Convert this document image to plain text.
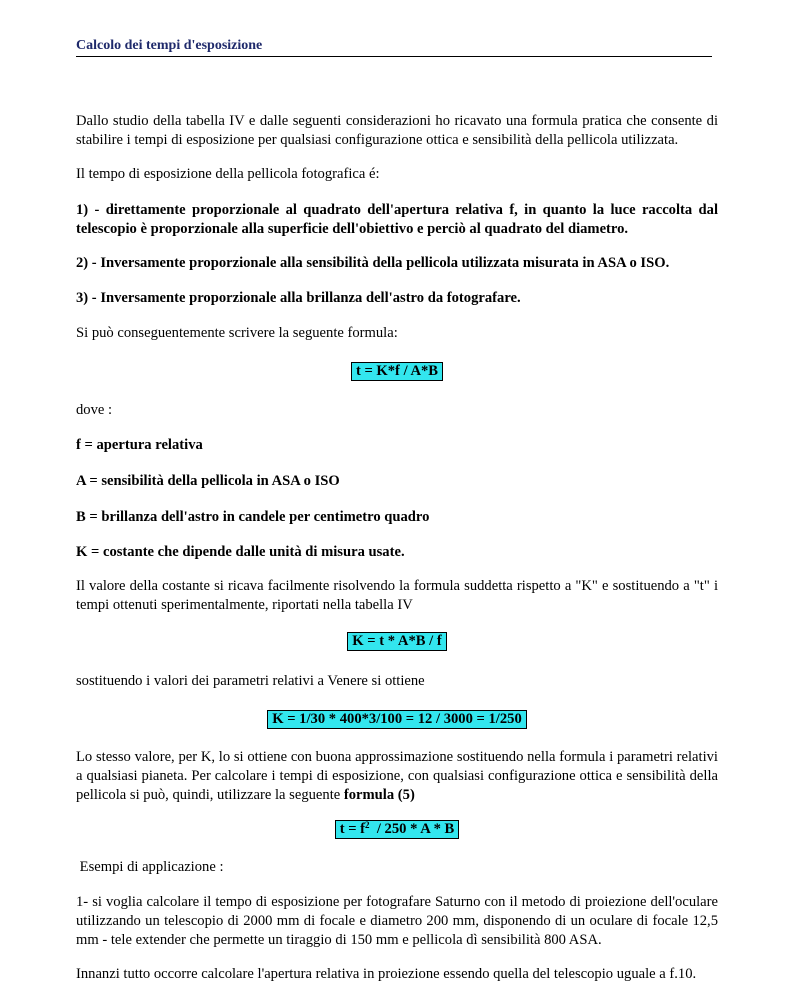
Calcolo dei tempi d'esposizione
Dallo studio della tabella IV e dalle seguenti considerazioni ho ricavato una formula pratica che consente di stabilire i tempi di esposizione per qualsiasi configurazione ottica e sensibilità della pellicola utilizzata.
Il tempo di esposizione della pellicola fotografica é:
1) - direttamente proporzionale al quadrato dell'apertura relativa f, in quanto la luce raccolta dal telescopio è proporzionale alla superficie dell'obiettivo e perciò al quadrato del diametro.
2) - Inversamente proporzionale alla sensibilità della pellicola utilizzata misurata in ASA o ISO.
3) - Inversamente proporzionale alla brillanza dell'astro da fotografare.
Si può conseguentemente scrivere la seguente formula:
t = K*f / A*B
dove :
f = apertura relativa
A = sensibilità della pellicola in ASA o ISO
B = brillanza dell'astro in candele per centimetro quadro
K = costante che dipende dalle unità di misura usate.
Il valore della costante si ricava facilmente risolvendo la formula suddetta rispetto a "K" e sostituendo a "t" i tempi ottenuti sperimentalmente, riportati nella tabella IV
K = t * A*B / f
sostituendo i valori dei parametri relativi a Venere si ottiene
K = 1/30 * 400*3/100 = 12 / 3000 = 1/250
Lo stesso valore, per K, lo si ottiene con buona approssimazione sostituendo nella formula i parametri relativi a qualsiasi pianeta. Per calcolare i tempi di esposizione, con qualsiasi configurazione ottica e sensibilità della pellicola si può, quindi, utilizzare la seguente formula (5)
$t = f^2 / 250 * A * B$
Esempi di applicazione :
1- si voglia calcolare il tempo di esposizione per fotografare Saturno con il metodo di proiezione dell'oculare utilizzando un telescopio di 2000 mm di focale e diametro 200 mm, disponendo di un oculare di focale 12,5 mm - tele extender che permette un tiraggio di 150 mm e pellicola dì sensibilità 800 ASA.
Innanzi tutto occorre calcolare l'apertura relativa in proiezione essendo quella del telescopio uguale a f.10.
